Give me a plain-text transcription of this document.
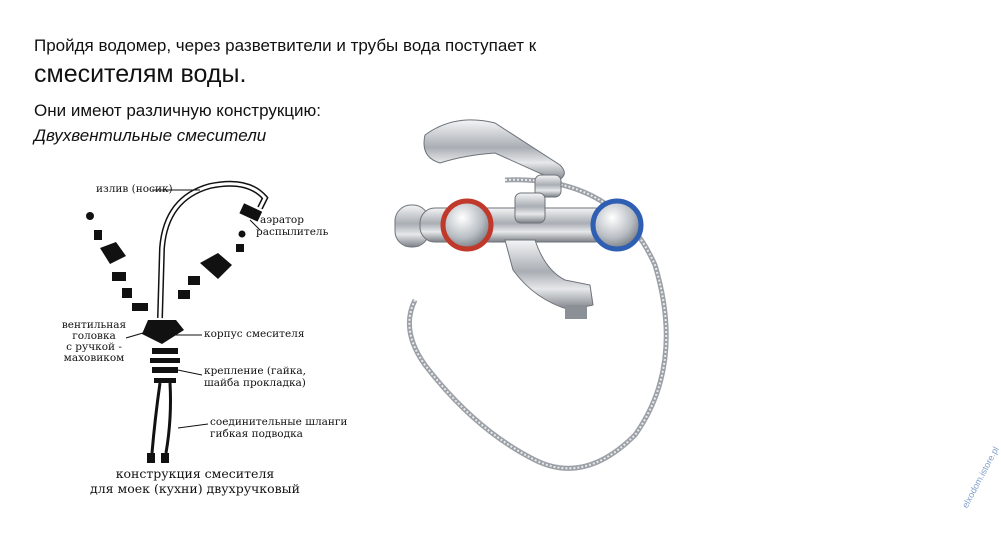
Пройдя водомер, через разветвители и трубы вода поступает к
смесителям воды.
Они имеют различную конструкцию:
Двухвентильные смесители
излив (носик)
аэратор
распылитель
вентильная
головка
с ручкой -
маховиком
корпус смесителя
крепление (гайка,
шайба прокладка)
соединительные шланги
гибкая подводка
конструкция смесителя
для моек (кухни) двухручковый	elxodom.istore.pl
